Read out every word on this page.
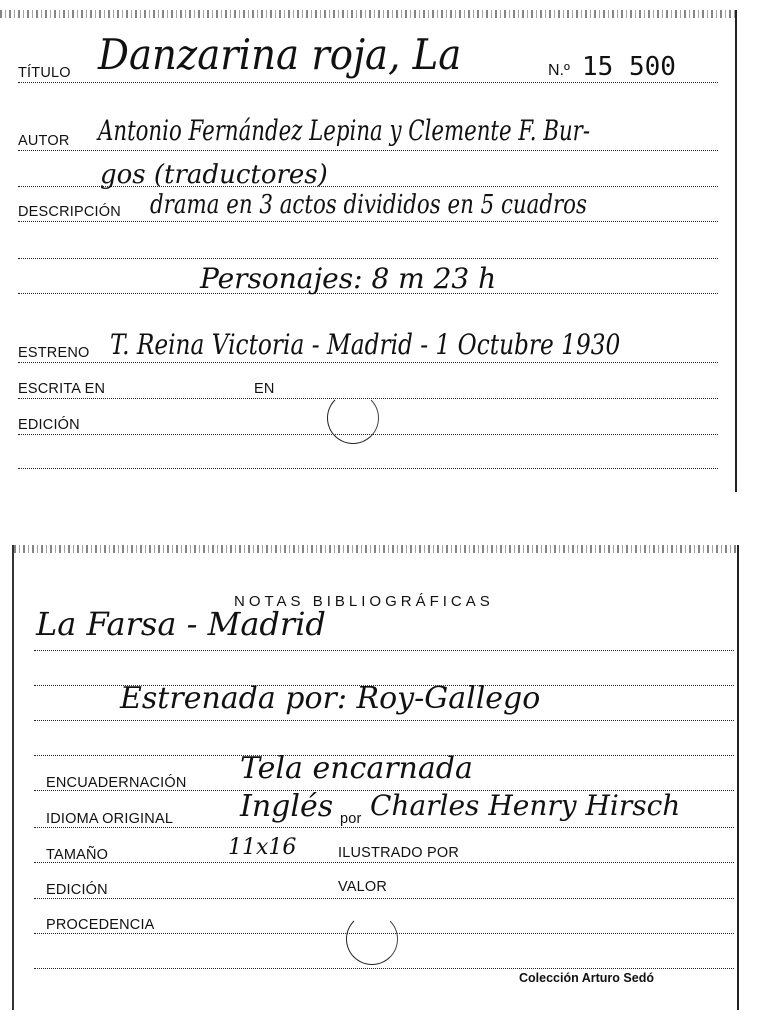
TÍTULO Danzarina roja, La	N.º 15 500
AUTOR Antonio Fernández Lepina y Clemente F. Bur-
gos (traductores)
DESCRIPCIÓN drama en 3 actos divididos en 5 cuadros
Personajes: 8 m 23 h
ESTRENO T. Reina Victoria - Madrid - 1 Octubre 1930
ESCRITA EN	EN
EDICIÓN
NOTAS BIBLIOGRÁFICAS
La Farsa - Madrid
Estrenada por: Roy-Gallego
ENCUADERNACIÓN Tela encarnada
IDIOMA ORIGINAL Inglés por Charles Henry Hirsch
TAMAÑO	11x16	ILUSTRADO POR
EDICIÓN	VALOR
PROCEDENCIA
Colección Arturo Sedó
